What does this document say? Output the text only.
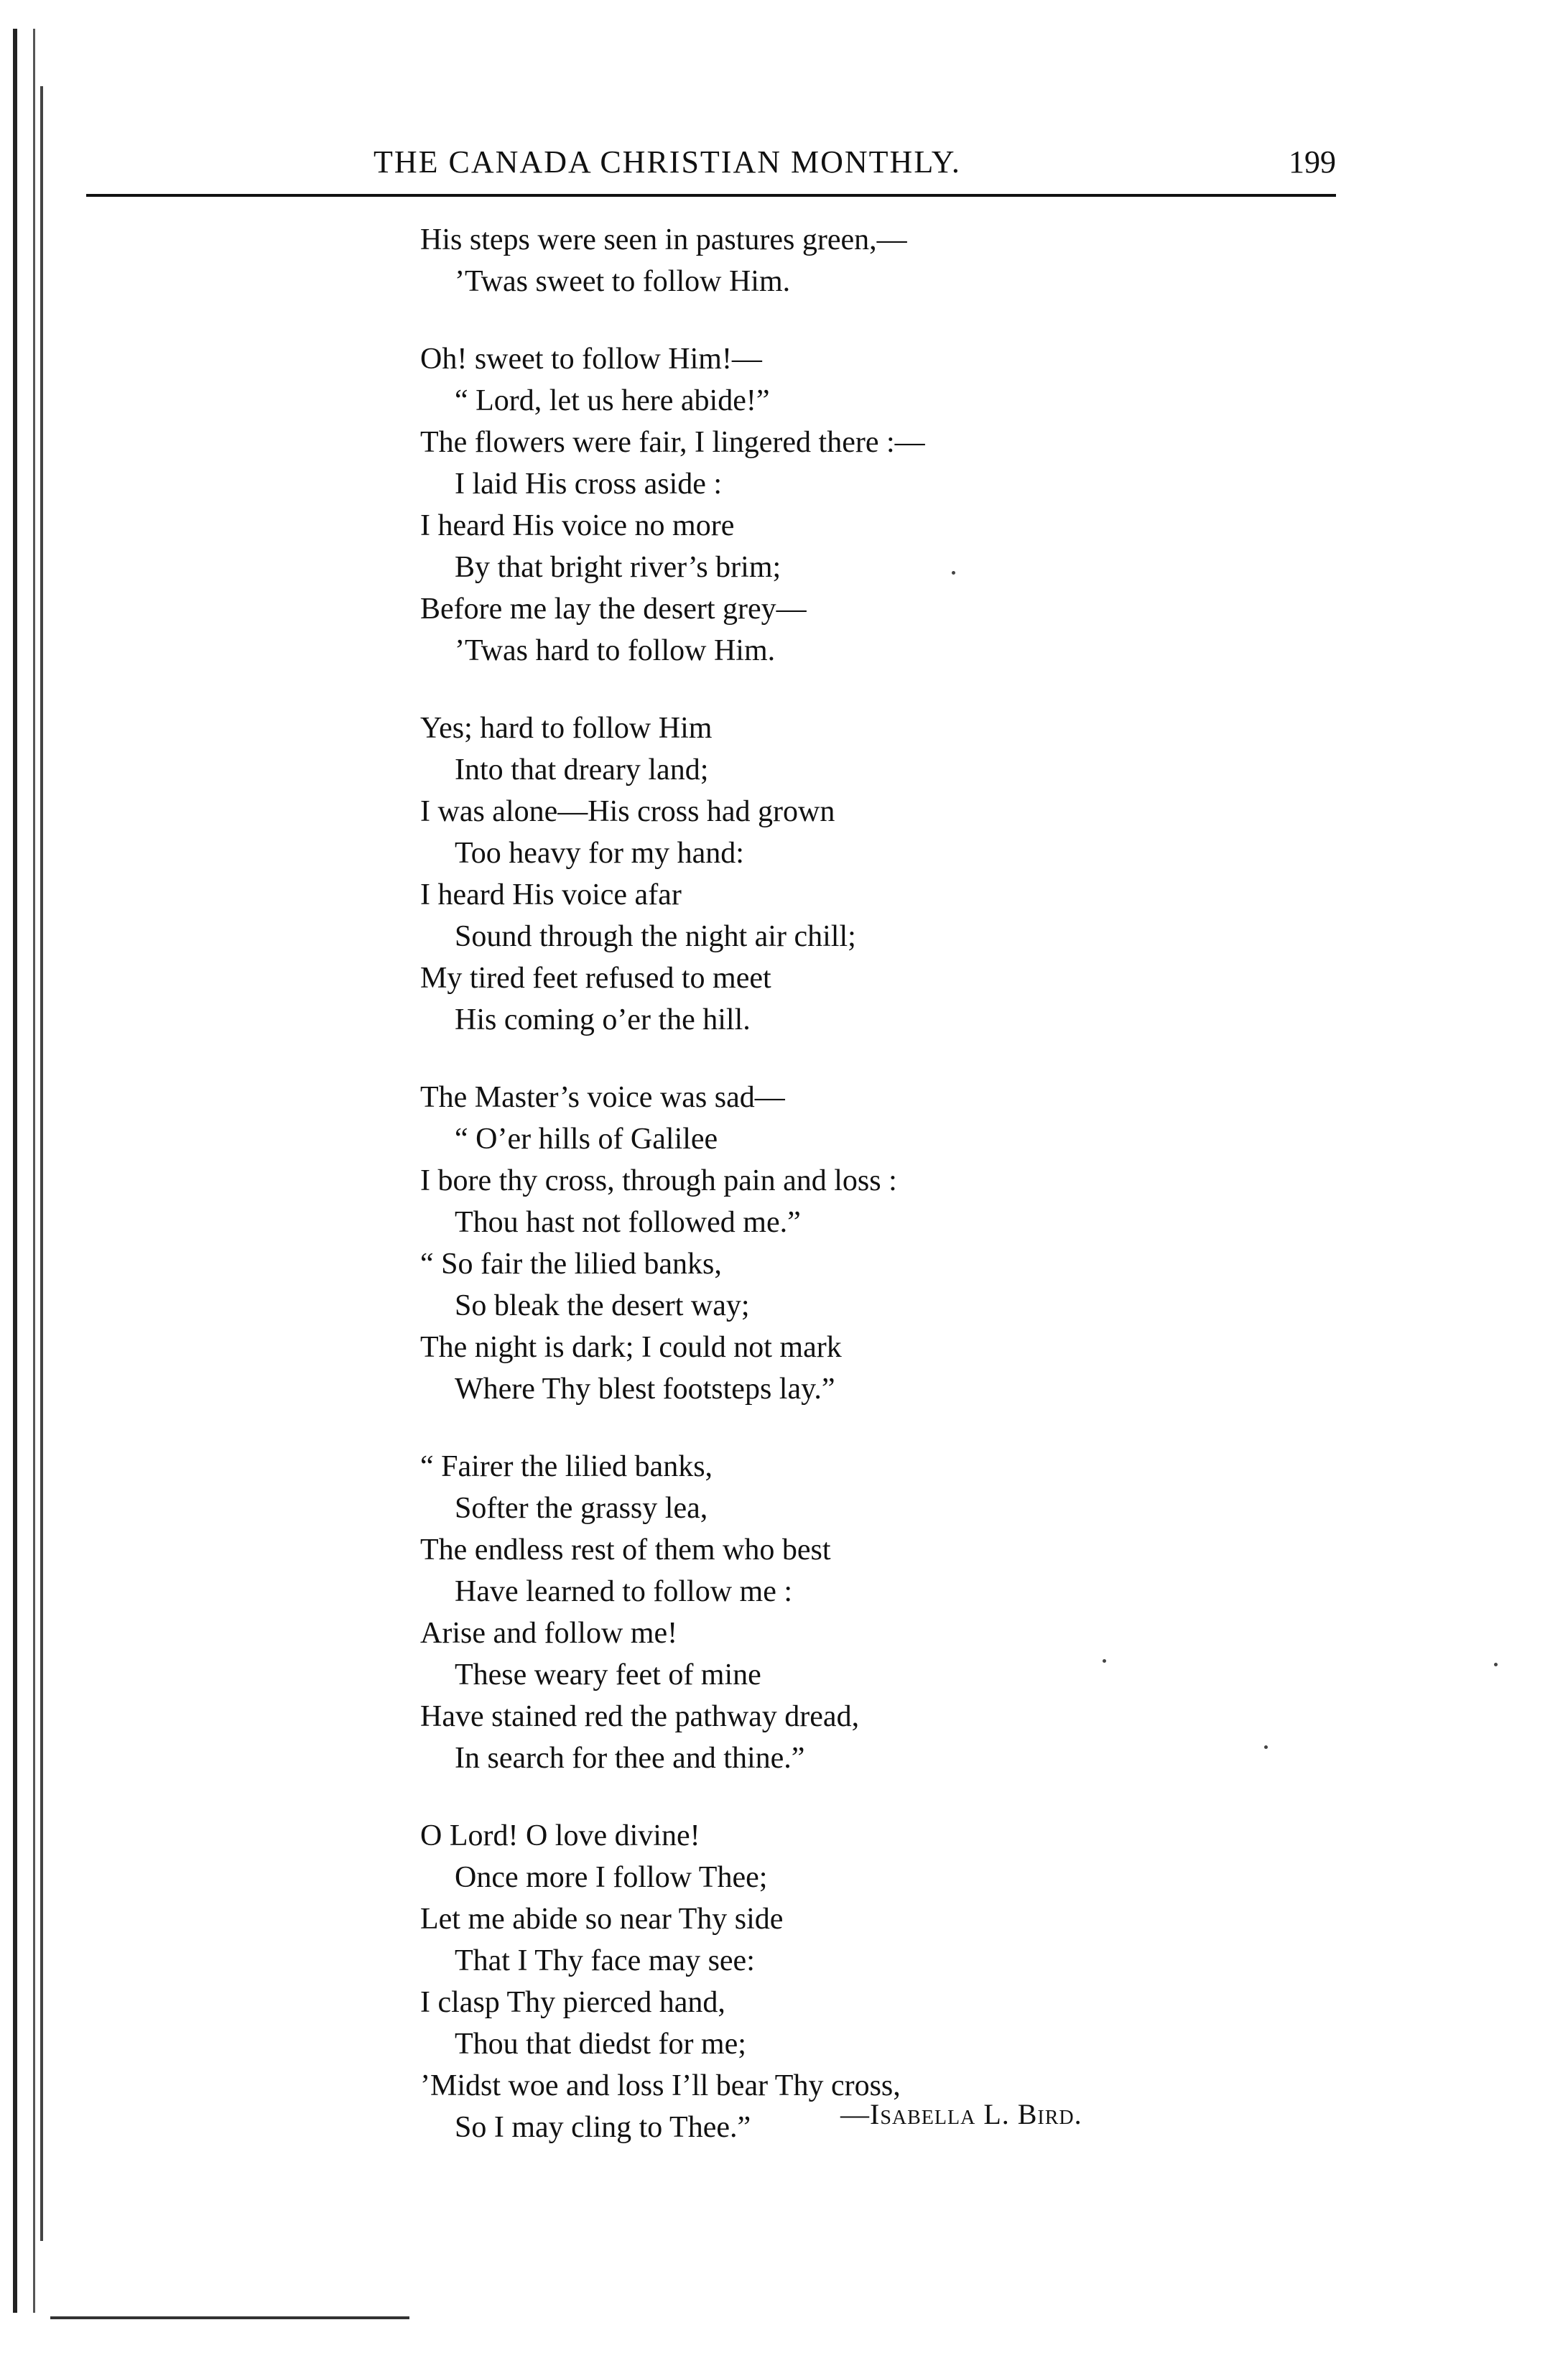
THE CANADA CHRISTIAN MONTHLY.	199
His steps were seen in pastures green,—
’Twas sweet to follow Him.
Oh! sweet to follow Him!—
“ Lord, let us here abide!”
The flowers were fair, I lingered there :—
I laid His cross aside :
I heard His voice no more
By that bright river’s brim;
Before me lay the desert grey—
’Twas hard to follow Him.
Yes; hard to follow Him
Into that dreary land;
I was alone—His cross had grown
Too heavy for my hand:
I heard His voice afar
Sound through the night air chill;
My tired feet refused to meet
His coming o’er the hill.
The Master’s voice was sad—
“ O’er hills of Galilee
I bore thy cross, through pain and loss :
Thou hast not followed me.”
“ So fair the lilied banks,
So bleak the desert way;
The night is dark; I could not mark
Where Thy blest footsteps lay.”
“ Fairer the lilied banks,
Softer the grassy lea,
The endless rest of them who best
Have learned to follow me :
Arise and follow me!
These weary feet of mine
Have stained red the pathway dread,
In search for thee and thine.”
O Lord! O love divine!
Once more I follow Thee;
Let me abide so near Thy side
That I Thy face may see:
I clasp Thy pierced hand,
Thou that diedst for me;
’Midst woe and loss I’ll bear Thy cross,
So I may cling to Thee.”	—Isabella L. Bird.
